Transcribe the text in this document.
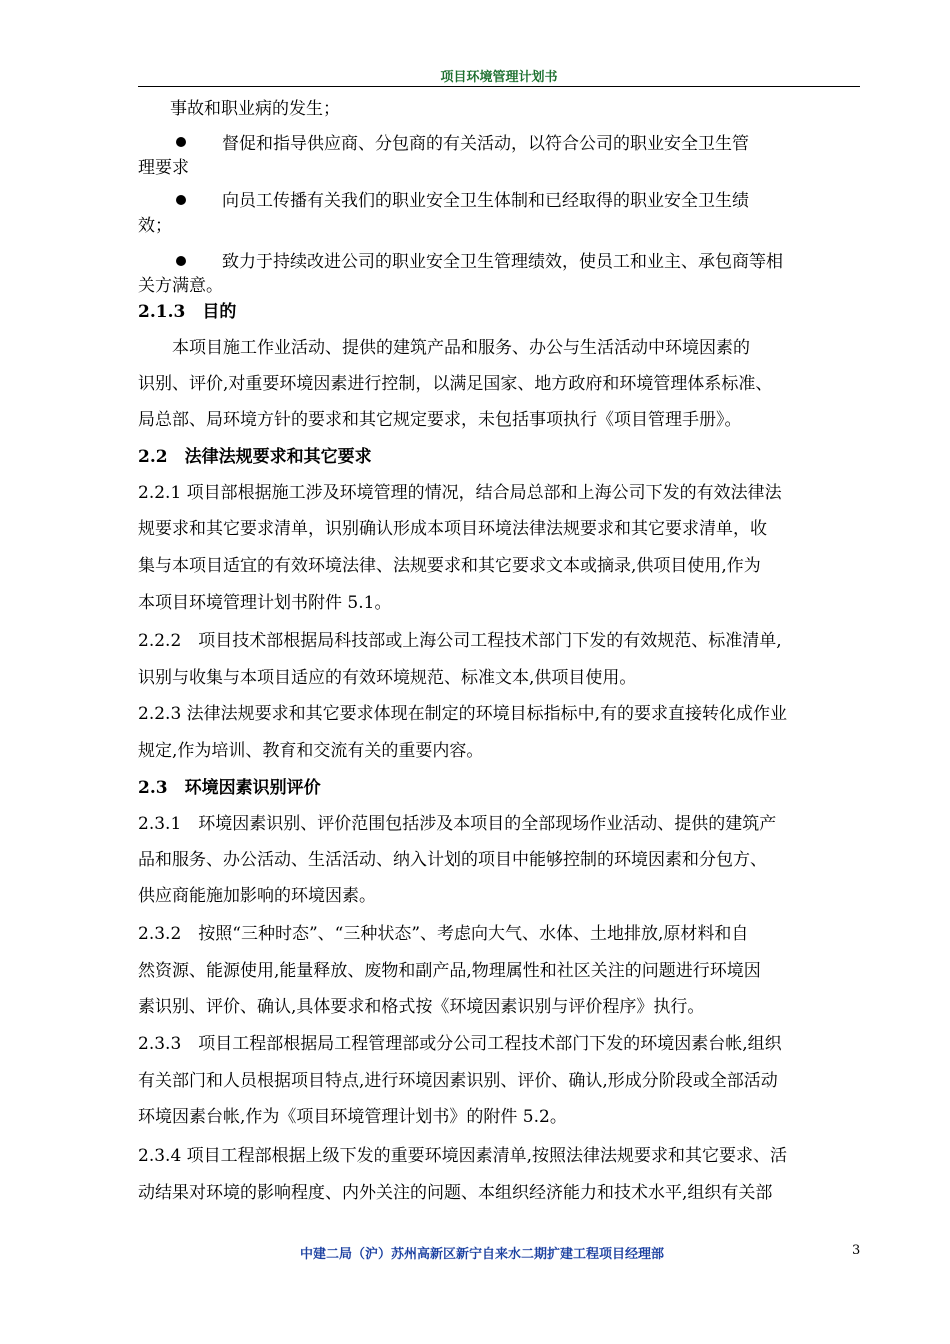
项目环境管理计划书
事故和职业病的发生；
督促和指导供应商、分包商的有关活动，以符合公司的职业安全卫生管
理要求
向员工传播有关我们的职业安全卫生体制和已经取得的职业安全卫生绩
效；
致力于持续改进公司的职业安全卫生管理绩效，使员工和业主、承包商等相
关方满意。
2.1.3　目的
本项目施工作业活动、提供的建筑产品和服务、办公与生活活动中环境因素的
识别、评价,对重要环境因素进行控制，以满足国家、地方政府和环境管理体系标准、
局总部、局环境方针的要求和其它规定要求，未包括事项执行《项目管理手册》。
2.2　法律法规要求和其它要求
2.2.1 项目部根据施工涉及环境管理的情况，结合局总部和上海公司下发的有效法律法
规要求和其它要求清单，识别确认形成本项目环境法律法规要求和其它要求清单，收
集与本项目适宜的有效环境法律、法规要求和其它要求文本或摘录,供项目使用,作为
本项目环境管理计划书附件 5.1。
2.2.2　项目技术部根据局科技部或上海公司工程技术部门下发的有效规范、标准清单,
识别与收集与本项目适应的有效环境规范、标准文本,供项目使用。
2.2.3 法律法规要求和其它要求体现在制定的环境目标指标中,有的要求直接转化成作业
规定,作为培训、教育和交流有关的重要内容。
2.3　环境因素识别评价
2.3.1　环境因素识别、评价范围包括涉及本项目的全部现场作业活动、提供的建筑产
品和服务、办公活动、生活活动、纳入计划的项目中能够控制的环境因素和分包方、
供应商能施加影响的环境因素。
2.3.2　按照“三种时态”、“三种状态”、考虑向大气、水体、土地排放,原材料和自
然资源、能源使用,能量释放、废物和副产品,物理属性和社区关注的问题进行环境因
素识别、评价、确认,具体要求和格式按《环境因素识别与评价程序》执行。
2.3.3　项目工程部根据局工程管理部或分公司工程技术部门下发的环境因素台帐,组织
有关部门和人员根据项目特点,进行环境因素识别、评价、确认,形成分阶段或全部活动
环境因素台帐,作为《项目环境管理计划书》的附件 5.2。
2.3.4 项目工程部根据上级下发的重要环境因素清单,按照法律法规要求和其它要求、活
动结果对环境的影响程度、内外关注的问题、本组织经济能力和技术水平,组织有关部
中建二局（沪）苏州高新区新宁自来水二期扩建工程项目经理部	3
